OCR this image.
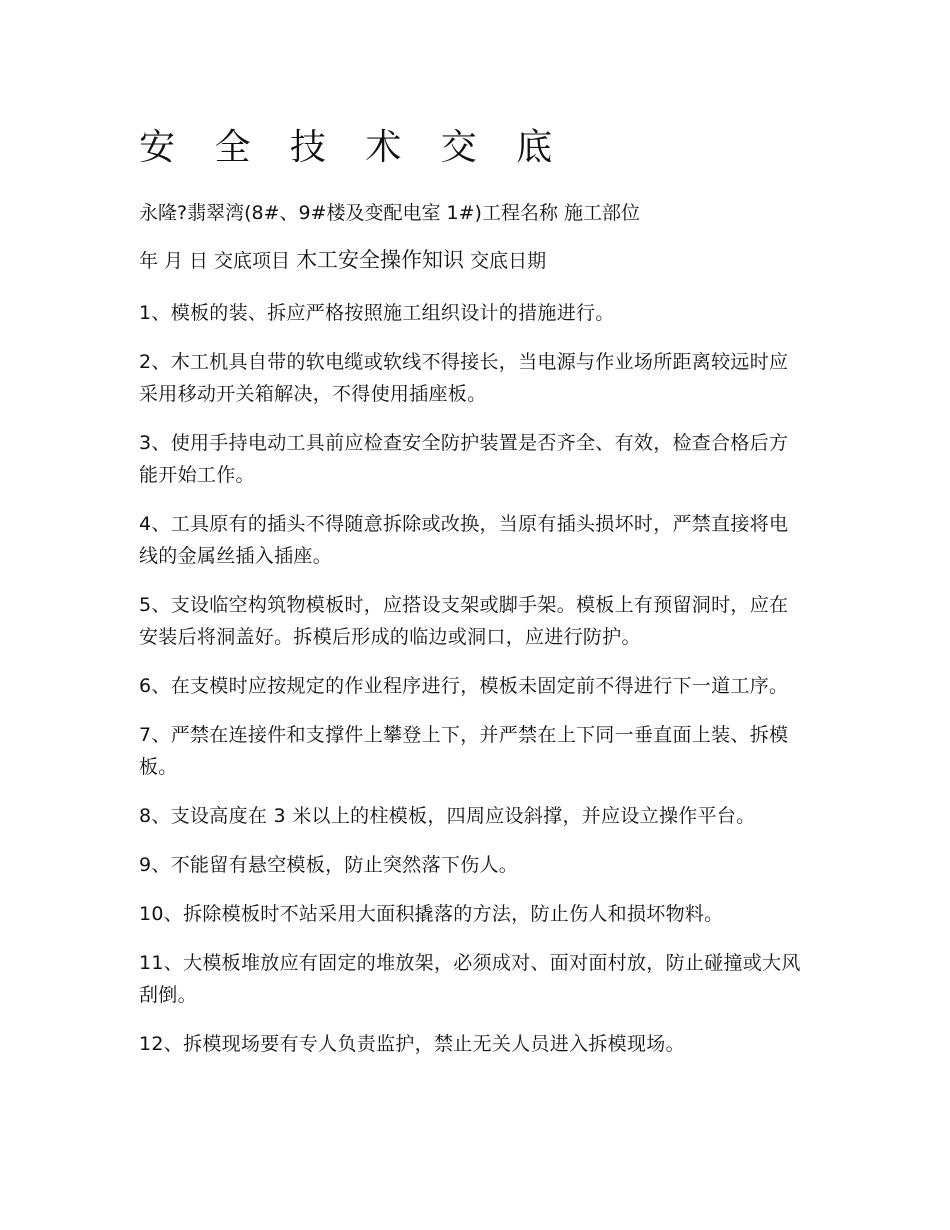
安 全 技 术 交 底
永隆?翡翠湾(8#、9#楼及变配电室 1#)工程名称 施工部位
年 月 日 交底项目 木工安全操作知识 交底日期
1、模板的装、拆应严格按照施工组织设计的措施进行。
2、木工机具自带的软电缆或软线不得接长，当电源与作业场所距离较远时应采用移动开关箱解决，不得使用插座板。
3、使用手持电动工具前应检查安全防护装置是否齐全、有效，检查合格后方能开始工作。
4、工具原有的插头不得随意拆除或改换，当原有插头损坏时，严禁直接将电线的金属丝插入插座。
5、支设临空构筑物模板时，应搭设支架或脚手架。模板上有预留洞时，应在安装后将洞盖好。拆模后形成的临边或洞口，应进行防护。
6、在支模时应按规定的作业程序进行，模板未固定前不得进行下一道工序。
7、严禁在连接件和支撑件上攀登上下，并严禁在上下同一垂直面上装、拆模板。
8、支设高度在 3 米以上的柱模板，四周应设斜撑，并应设立操作平台。
9、不能留有悬空模板，防止突然落下伤人。
10、拆除模板时不站采用大面积撬落的方法，防止伤人和损坏物料。
11、大模板堆放应有固定的堆放架，必须成对、面对面村放，防止碰撞或大风刮倒。
12、拆模现场要有专人负责监护，禁止无关人员进入拆模现场。
